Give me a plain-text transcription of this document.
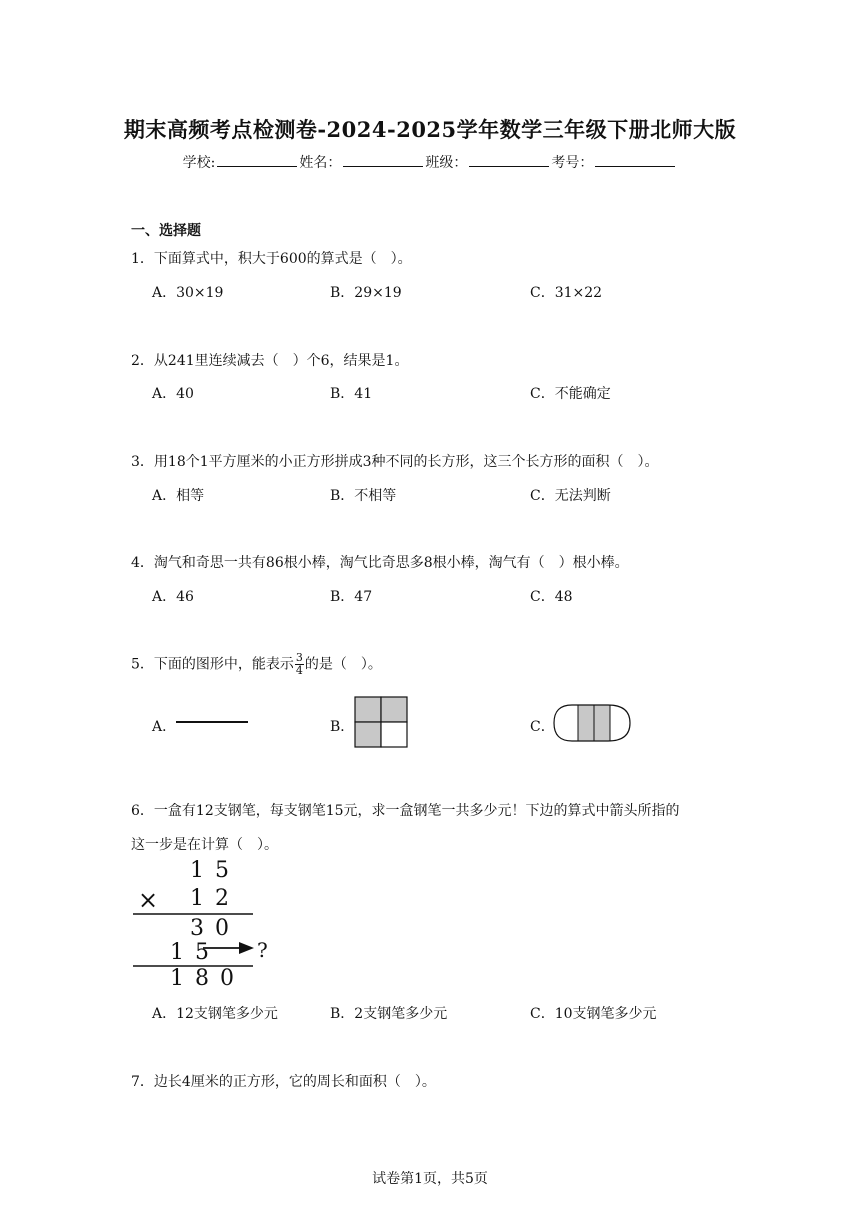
期末高频考点检测卷-2024-2025学年数学三年级下册北师大版
学校:	姓名：	班级：	考号：
一、选择题
1．下面算式中，积大于600的算式是（　）。
A．30×19	B．29×19	C．31×22
2．从241里连续减去（　）个6，结果是1。
A．40	B．41	C．不能确定
3．用18个1平方厘米的小正方形拼成3种不同的长方形，这三个长方形的面积（　）。
A．相等	B．不相等	C．无法判断
4．淘气和奇思一共有86根小棒，淘气比奇思多8根小棒，淘气有（　）根小棒。
A．46	B．47	C．48
5．下面的图形中，能表示 $\frac{3}{4}$ 的是（　）。
A．	B．	C．
6．一盒有12支钢笔，每支钢笔15元，求一盒钢笔一共多少元！下边的算式中箭头所指的
这一步是在计算（　）。
1 5
× 1 2
3 0
1 5 ?
1 8 0
A．12支钢笔多少元	B．2支钢笔多少元	C．10支钢笔多少元
7．边长4厘米的正方形，它的周长和面积（　）。
试卷第1页，共5页
